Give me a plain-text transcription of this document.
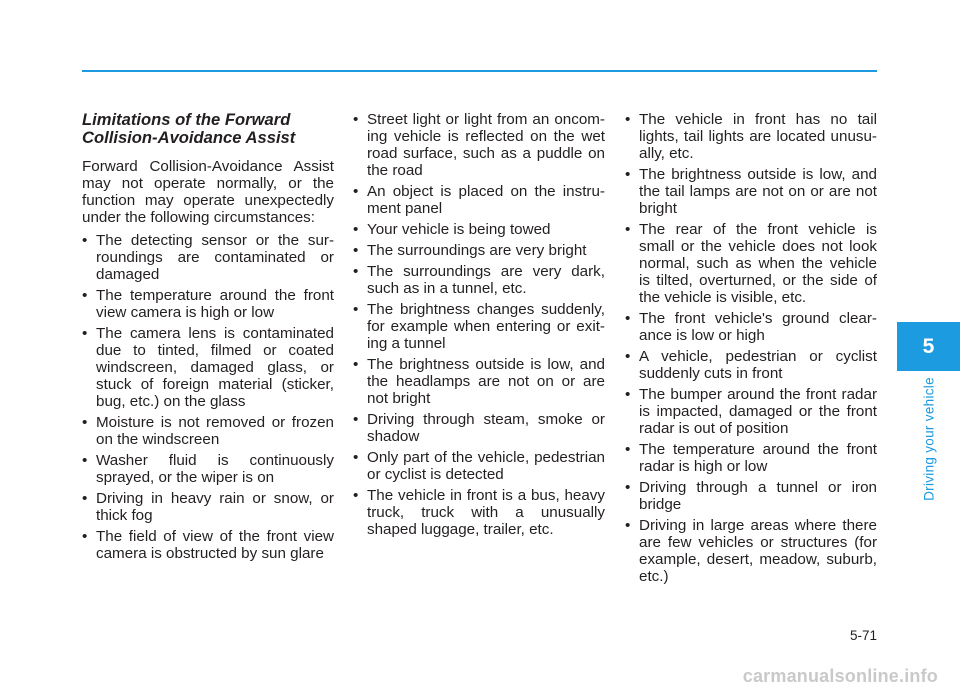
Limitations of the Forward Collision-Avoidance Assist

Forward Collision-Avoidance Assist may not operate normally, or the function may operate unexpectedly under the following circumstances:

• The detecting sensor or the sur-roundings are contaminated or damaged
• The temperature around the front view camera is high or low
• The camera lens is contaminated due to tinted, filmed or coated windscreen, damaged glass, or stuck of foreign material (sticker, bug, etc.) on the glass
• Moisture is not removed or frozen on the windscreen
• Washer fluid is continuously sprayed, or the wiper is on
• Driving in heavy rain or snow, or thick fog
• The field of view of the front view camera is obstructed by sun glare
• Street light or light from an oncom-ing vehicle is reflected on the wet road surface, such as a puddle on the road
• An object is placed on the instru-ment panel
• Your vehicle is being towed
• The surroundings are very bright
• The surroundings are very dark, such as in a tunnel, etc.
• The brightness changes suddenly, for example when entering or exit-ing a tunnel
• The brightness outside is low, and the headlamps are not on or are not bright
• Driving through steam, smoke or shadow
• Only part of the vehicle, pedestrian or cyclist is detected
• The vehicle in front is a bus, heavy truck, truck with a unusually shaped luggage, trailer, etc.
• The vehicle in front has no tail lights, tail lights are located unusu-ally, etc.
• The brightness outside is low, and the tail lamps are not on or are not bright
• The rear of the front vehicle is small or the vehicle does not look normal, such as when the vehicle is tilted, overturned, or the side of the vehicle is visible, etc.
• The front vehicle's ground clear-ance is low or high
• A vehicle, pedestrian or cyclist suddenly cuts in front
• The bumper around the front radar is impacted, damaged or the front radar is out of position
• The temperature around the front radar is high or low
• Driving through a tunnel or iron bridge
• Driving in large areas where there are few vehicles or structures (for example, desert, meadow, suburb, etc.)
5
Driving your vehicle
5-71
carmanualsonline.info
